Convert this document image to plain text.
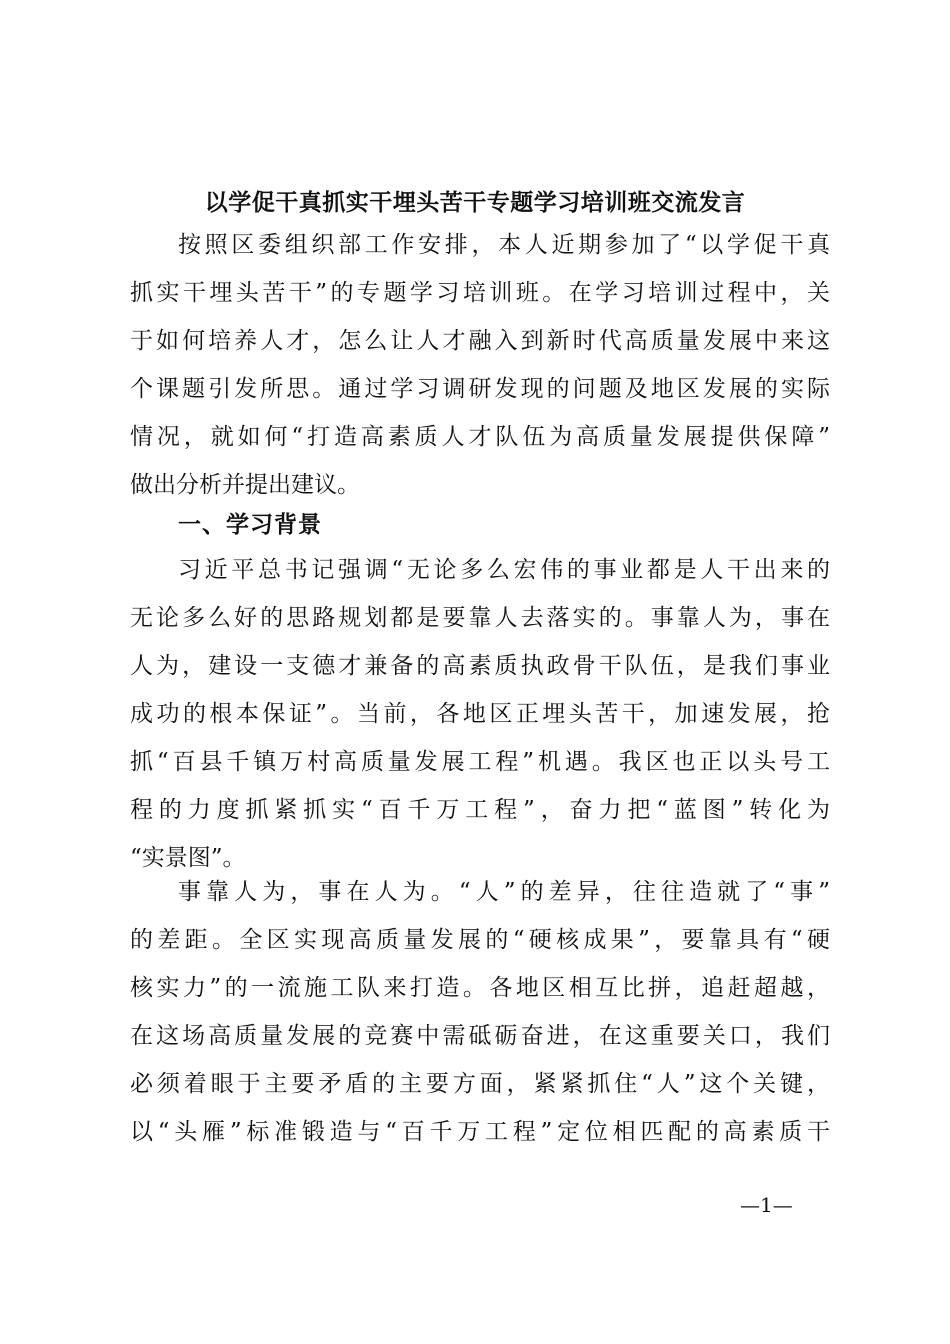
以学促干真抓实干埋头苦干专题学习培训班交流发言
按照区委组织部工作安排，本人近期参加了“以学促干真
抓实干埋头苦干”的专题学习培训班。在学习培训过程中，关
于如何培养人才，怎么让人才融入到新时代高质量发展中来这
个课题引发所思。通过学习调研发现的问题及地区发展的实际
情况，就如何“打造高素质人才队伍为高质量发展提供保障”
做出分析并提出建议。
一、学习背景
习近平总书记强调“无论多么宏伟的事业都是人干出来的
无论多么好的思路规划都是要靠人去落实的。事靠人为，事在
人为，建设一支德才兼备的高素质执政骨干队伍，是我们事业
成功的根本保证”。当前，各地区正埋头苦干，加速发展，抢
抓“百县千镇万村高质量发展工程”机遇。我区也正以头号工
程的力度抓紧抓实“百千万工程”，奋力把“蓝图”转化为
“实景图”。
事靠人为，事在人为。“人”的差异，往往造就了“事”
的差距。全区实现高质量发展的“硬核成果”，要靠具有“硬
核实力”的一流施工队来打造。各地区相互比拼，追赶超越，
在这场高质量发展的竞赛中需砥砺奋进，在这重要关口，我们
必须着眼于主要矛盾的主要方面，紧紧抓住“人”这个关键，
以“头雁”标准锻造与“百千万工程”定位相匹配的高素质干
—1—
